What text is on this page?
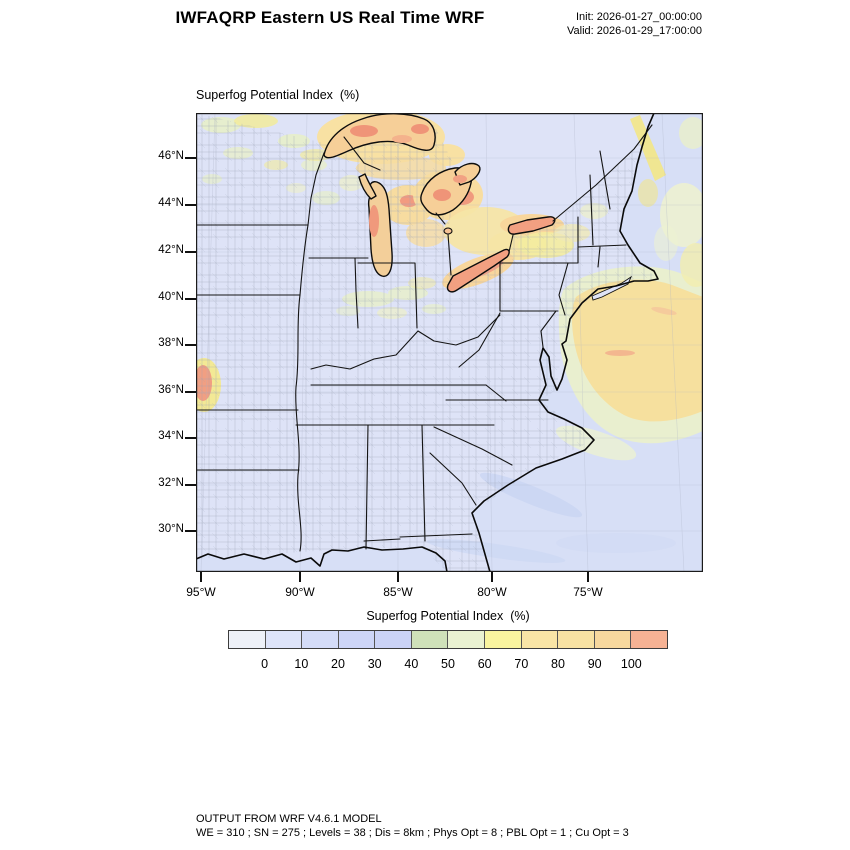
IWFAQRP Eastern US Real Time WRF	Init: 2026-01-27_00:00:00
Valid: 2026-01-29_17:00:00
Superfog Potential Index  (%)
46°N
44°N
42°N
40°N
38°N
36°N
34°N
32°N
30°N
95°W	90°W	85°W	80°W	75°W
Superfog Potential Index  (%)
0 10 20 30 40 50 60 70 80 90 100
OUTPUT FROM WRF V4.6.1 MODEL
WE = 310 ; SN = 275 ; Levels = 38 ; Dis = 8km ; Phys Opt = 8 ; PBL Opt = 1 ; Cu Opt = 3
